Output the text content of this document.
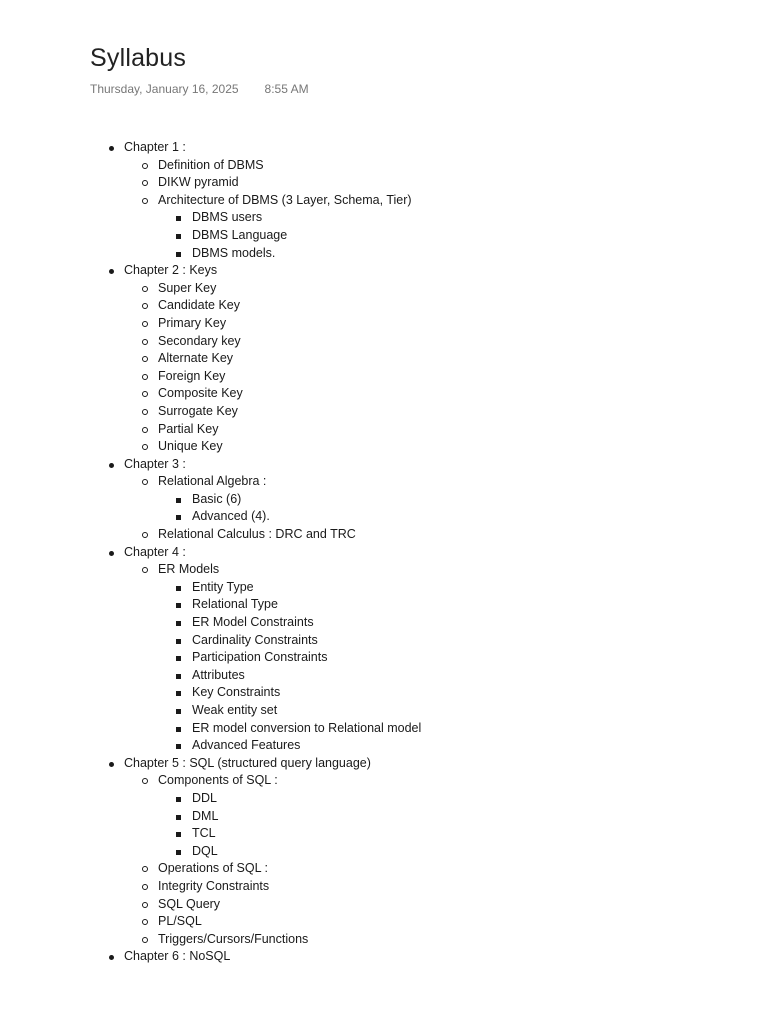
Syllabus
Thursday, January 16, 2025 8:55 AM
Chapter 1 :
Definition of DBMS
DIKW pyramid
Architecture of DBMS (3 Layer, Schema, Tier)
DBMS users
DBMS Language
DBMS models.
Chapter 2 : Keys
Super Key
Candidate Key
Primary Key
Secondary key
Alternate Key
Foreign Key
Composite Key
Surrogate Key
Partial Key
Unique Key
Chapter 3 :
Relational Algebra :
Basic (6)
Advanced (4).
Relational Calculus : DRC and TRC
Chapter 4 :
ER Models
Entity Type
Relational Type
ER Model Constraints
Cardinality Constraints
Participation Constraints
Attributes
Key Constraints
Weak entity set
ER model conversion to Relational model
Advanced Features
Chapter 5 : SQL (structured query language)
Components of SQL :
DDL
DML
TCL
DQL
Operations of SQL :
Integrity Constraints
SQL Query
PL/SQL
Triggers/Cursors/Functions
Chapter 6 : NoSQL
